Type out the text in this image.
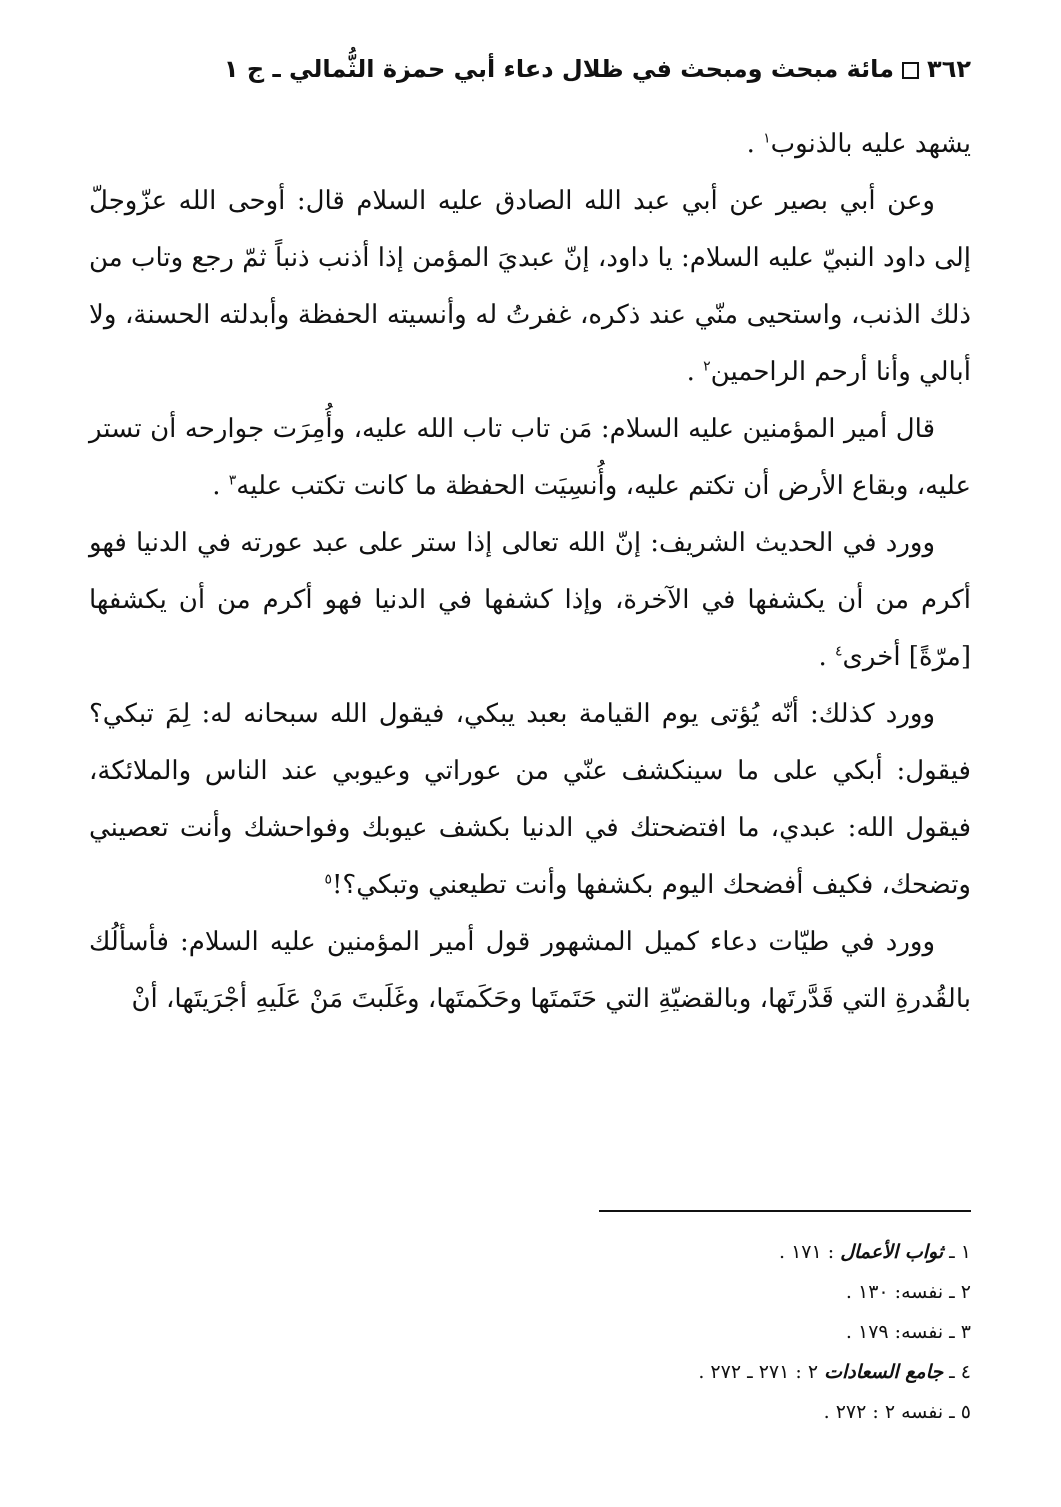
٣٦٢
مائة مبحث ومبحث في ظلال دعاء أبي حمزة الثُّمالي ـ ج ١

يشهد عليه بالذنوب$^١$ .

وعن أبي بصير عن أبي عبد الله الصادق عليه السلام قال: أوحى الله عزّوجلّ إلى داود النبيّ عليه السلام: يا داود، إنّ عبديَ المؤمن إذا أذنب ذنباً ثمّ رجع وتاب من ذلك الذنب، واستحيى منّي عند ذكره، غفرتُ له وأنسيته الحفظة وأبدلته الحسنة، ولا أبالي وأنا أرحم الراحمين$^٢$ .

قال أمير المؤمنين عليه السلام: مَن تاب تاب الله عليه، وأُمِرَت جوارحه أن تستر عليه، وبقاع الأرض أن تكتم عليه، وأُنسِيَت الحفظة ما كانت تكتب عليه$^٣$ .

وورد في الحديث الشريف: إنّ الله تعالى إذا ستر على عبد عورته في الدنيا فهو أكرم من أن يكشفها في الآخرة، وإذا كشفها في الدنيا فهو أكرم من أن يكشفها [مرّةً] أخرى$^٤$ .

وورد كذلك: أنّه يُؤتى يوم القيامة بعبد يبكي، فيقول الله سبحانه له: لِمَ تبكي؟ فيقول: أبكي على ما سينكشف عنّي من عوراتي وعيوبي عند الناس والملائكة، فيقول الله: عبدي، ما افتضحتك في الدنيا بكشف عيوبك وفواحشك وأنت تعصيني وتضحك، فكيف أفضحك اليوم بكشفها وأنت تطيعني وتبكي؟!$^٥$

وورد في طيّات دعاء كميل المشهور قول أمير المؤمنين عليه السلام: فأسألُك بالقُدرةِ التي قَدَّرتَها، وبالقضيّةِ التي حَتَمتَها وحَكَمتَها، وغَلَبتَ مَنْ عَلَيهِ أجْرَيتَها، أنْ

١ ـ ثواب الأعمال : ١٧١ .
٢ ـ نفسه: ١٣٠ .
٣ ـ نفسه: ١٧٩ .
٤ ـ جامع السعادات ٢ : ٢٧١ ـ ٢٧٢ .
٥ ـ نفسه ٢ : ٢٧٢ .
